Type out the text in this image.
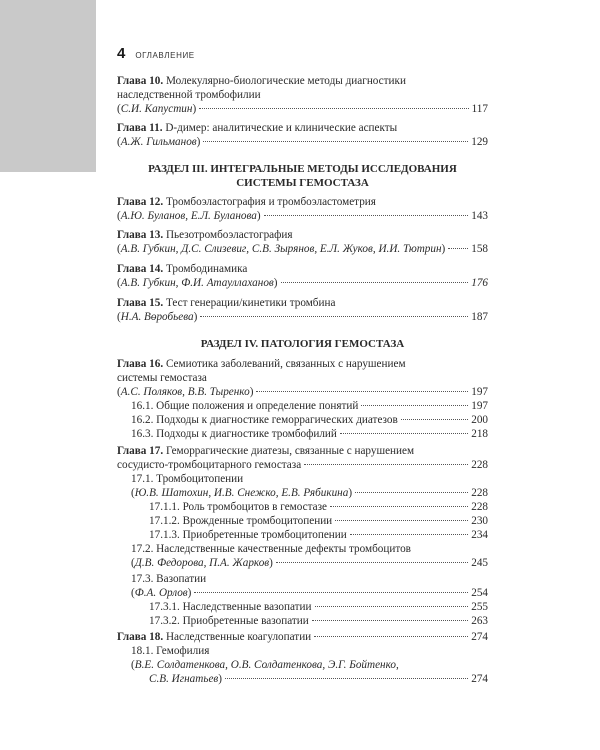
4 ОГЛАВЛЕНИЕ
Глава 10. Молекулярно-биологические методы диагностики
наследственной тромбофилии
(С.И. Капустин)	117
Глава 11. D-димер: аналитические и клинические аспекты
(А.Ж. Гильманов)	129
РАЗДЕЛ III. ИНТЕГРАЛЬНЫЕ МЕТОДЫ ИССЛЕДОВАНИЯ
СИСТЕМЫ ГЕМОСТАЗА
Глава 12. Тромбоэластография и тромбоэластометрия
(А.Ю. Буланов, Е.Л. Буланова)	143
Глава 13. Пьезотромбоэластография
(А.В. Губкин, Д.С. Слизевиг, С.В. Зырянов, Е.Л. Жуков, И.И. Тютрин) 158
Глава 14. Тромбодинамика
(А.В. Губкин, Ф.И. Атауллаханов)	176
Глава 15. Тест генерации/кинетики тромбина
(Н.А. Вөробьева)	187
РАЗДЕЛ IV. ПАТОЛОГИЯ ГЕМОСТАЗА
Глава 16. Семиотика заболеваний, связанных с нарушением
системы гемостаза
(А.С. Поляков, В.В. Тыренко)	197
16.1. Общие положения и определение понятий	197
16.2. Подходы к диагностике геморрагических диатезов	200
16.3. Подходы к диагностике тромбофилий	218
Глава 17. Геморрагические диатезы, связанные с нарушением
сосудисто-тромбоцитарного гемостаза	228
17.1. Тромбоцитопении
(Ю.В. Шатохин, И.В. Снежко, Е.В. Рябикина)	228
17.1.1. Роль тромбоцитов в гемостазе	228
17.1.2. Врожденные тромбоцитопении	230
17.1.3. Приобретенные тромбоцитопении	234
17.2. Наследственные качественные дефекты тромбоцитов
(Д.В. Федорова, П.А. Жарков)	245
17.3. Вазопатии
(Ф.А. Орлов)	254
17.3.1. Наследственные вазопатии	255
17.3.2. Приобретенные вазопатии	263
Глава 18. Наследственные коагулопатии	274
18.1. Гемофилия
(В.Е. Солдатенкова, О.В. Солдатенкова, Э.Г. Бойтенко,
С.В. Игнатьев)	274
